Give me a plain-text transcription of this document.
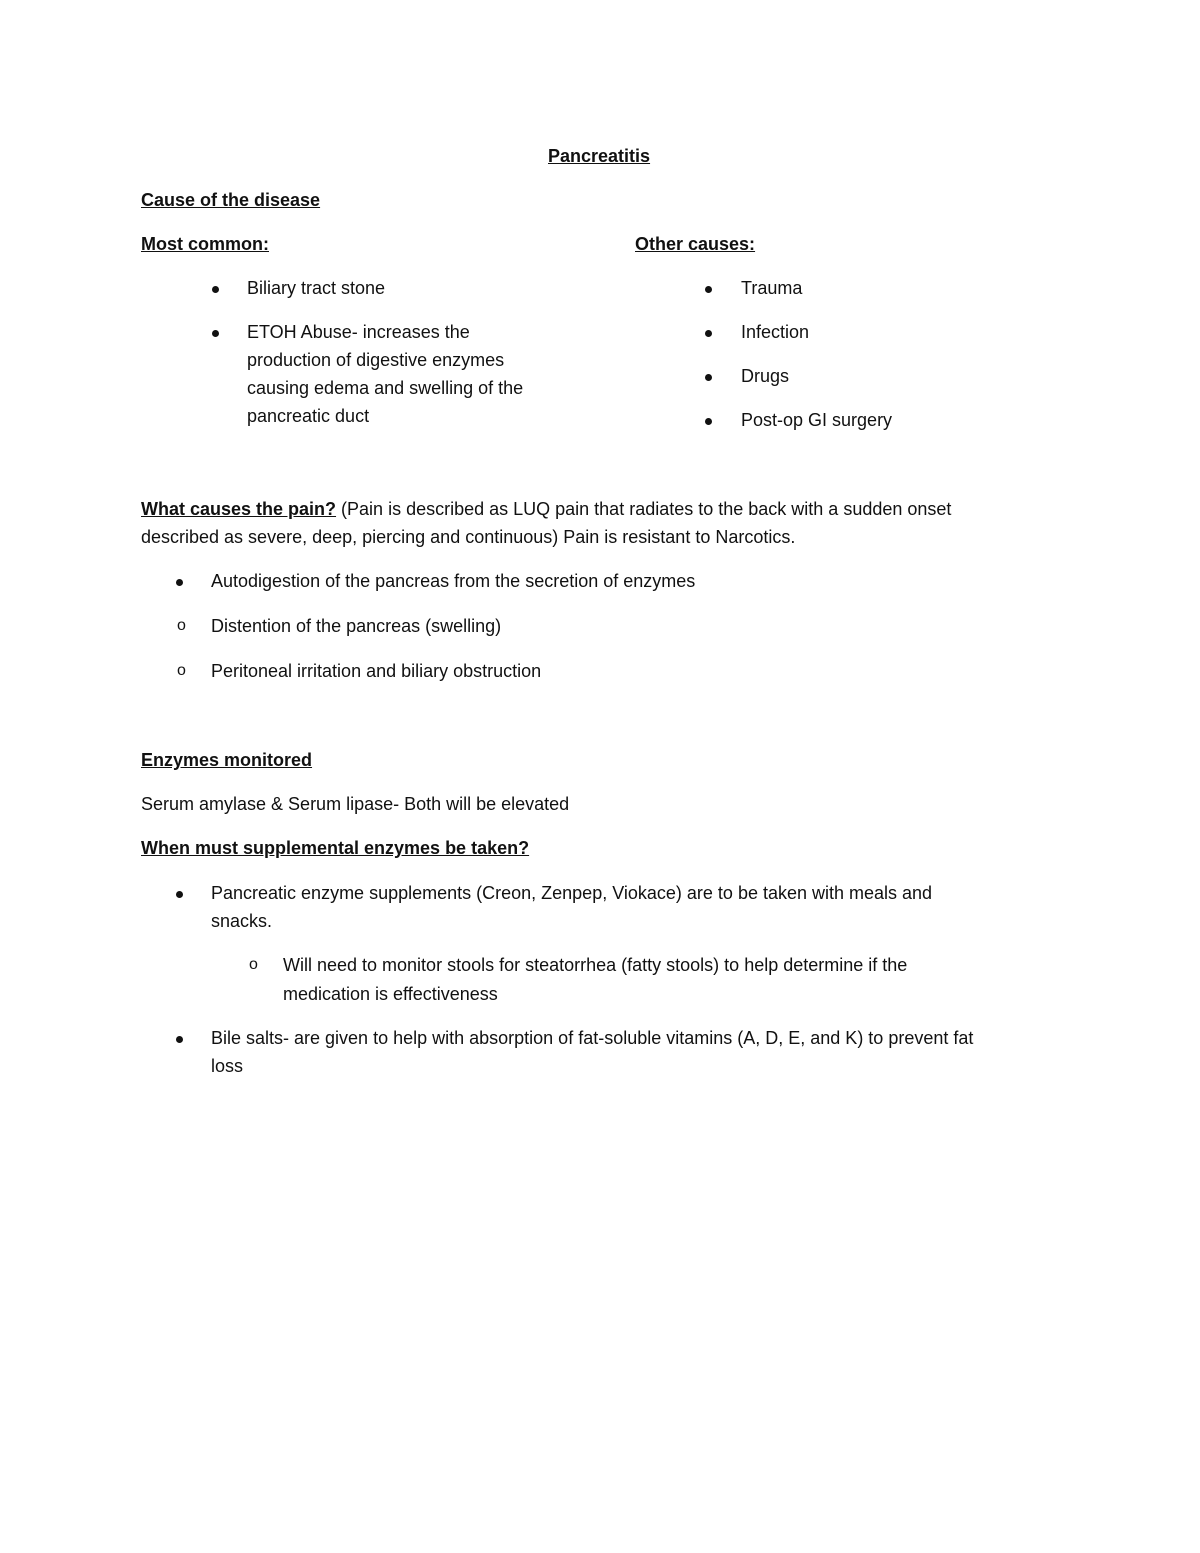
Pancreatitis
Cause of the disease
Most common:	Other causes:
Biliary tract stone
ETOH Abuse- increases the
production of digestive enzymes
causing edema and swelling of the
pancreatic duct
Trauma
Infection
Drugs
Post-op GI surgery
What causes the pain? (Pain is described as LUQ pain that radiates to the back with a sudden onset
described as severe, deep, piercing and continuous) Pain is resistant to Narcotics.
Autodigestion of the pancreas from the secretion of enzymes
o Distention of the pancreas (swelling)
o Peritoneal irritation and biliary obstruction
Enzymes monitored
Serum amylase & Serum lipase- Both will be elevated
When must supplemental enzymes be taken?
Pancreatic enzyme supplements (Creon, Zenpep, Viokace) are to be taken with meals and
snacks.
o Will need to monitor stools for steatorrhea (fatty stools) to help determine if the
medication is effectiveness
Bile salts- are given to help with absorption of fat-soluble vitamins (A, D, E, and K) to prevent fat
loss
